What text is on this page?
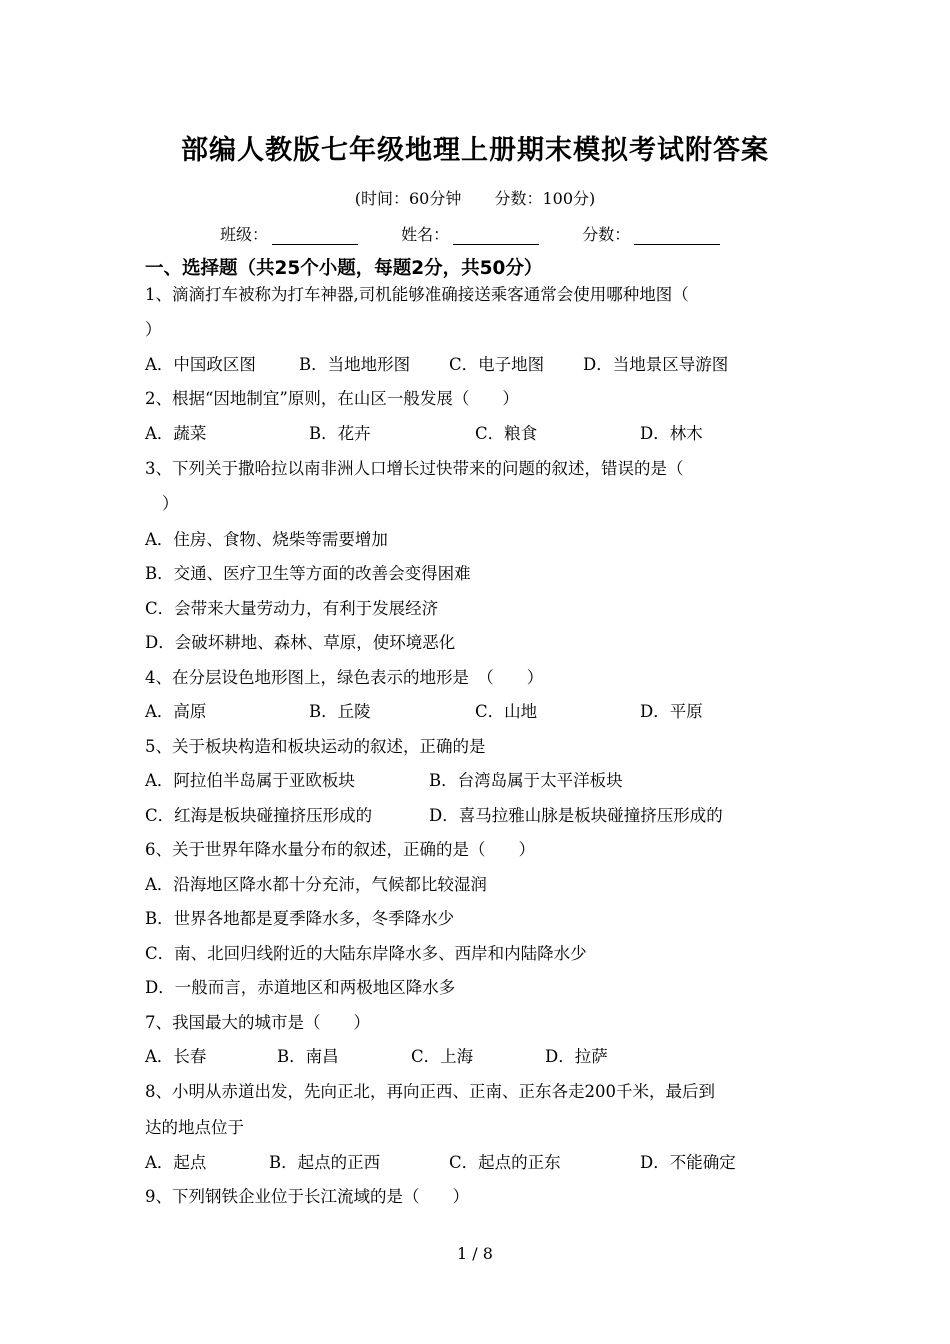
部编人教版七年级地理上册期末模拟考试附答案
(时间：60分钟 分数：100分)
班级：	姓名：	分数：
一、选择题（共25个小题，每题2分，共50分）
1、滴滴打车被称为打车神器,司机能够准确接送乘客通常会使用哪种地图（
）
A．中国政区图	B．当地地形图 C．电子地图 D．当地景区导游图
2、根据“因地制宜”原则，在山区一般发展（　　）
A．蔬菜	B．花卉	C．粮食	D．林木
3、下列关于撒哈拉以南非洲人口增长过快带来的问题的叙述，错误的是（
）
A．住房、食物、烧柴等需要增加
B．交通、医疗卫生等方面的改善会变得困难
C．会带来大量劳动力，有利于发展经济
D．会破坏耕地、森林、草原，使环境恶化
4、在分层设色地形图上，绿色表示的地形是　（　　）
A．高原	B．丘陵	C．山地	D．平原
5、关于板块构造和板块运动的叙述，正确的是
A．阿拉伯半岛属于亚欧板块	B．台湾岛属于太平洋板块
C．红海是板块碰撞挤压形成的	D．喜马拉雅山脉是板块碰撞挤压形成的
6、关于世界年降水量分布的叙述，正确的是（　　）
A．沿海地区降水都十分充沛，气候都比较湿润
B．世界各地都是夏季降水多，冬季降水少
C．南、北回归线附近的大陆东岸降水多、西岸和内陆降水少
D．一般而言，赤道地区和两极地区降水多
7、我国最大的城市是（　　）
A．长春	B．南昌	C．上海	D．拉萨
8、小明从赤道出发，先向正北，再向正西、正南、正东各走200千米，最后到
达的地点位于
A．起点	B．起点的正西	C．起点的正东	D．不能确定
9、下列钢铁企业位于长江流域的是（　　）
1 / 8
